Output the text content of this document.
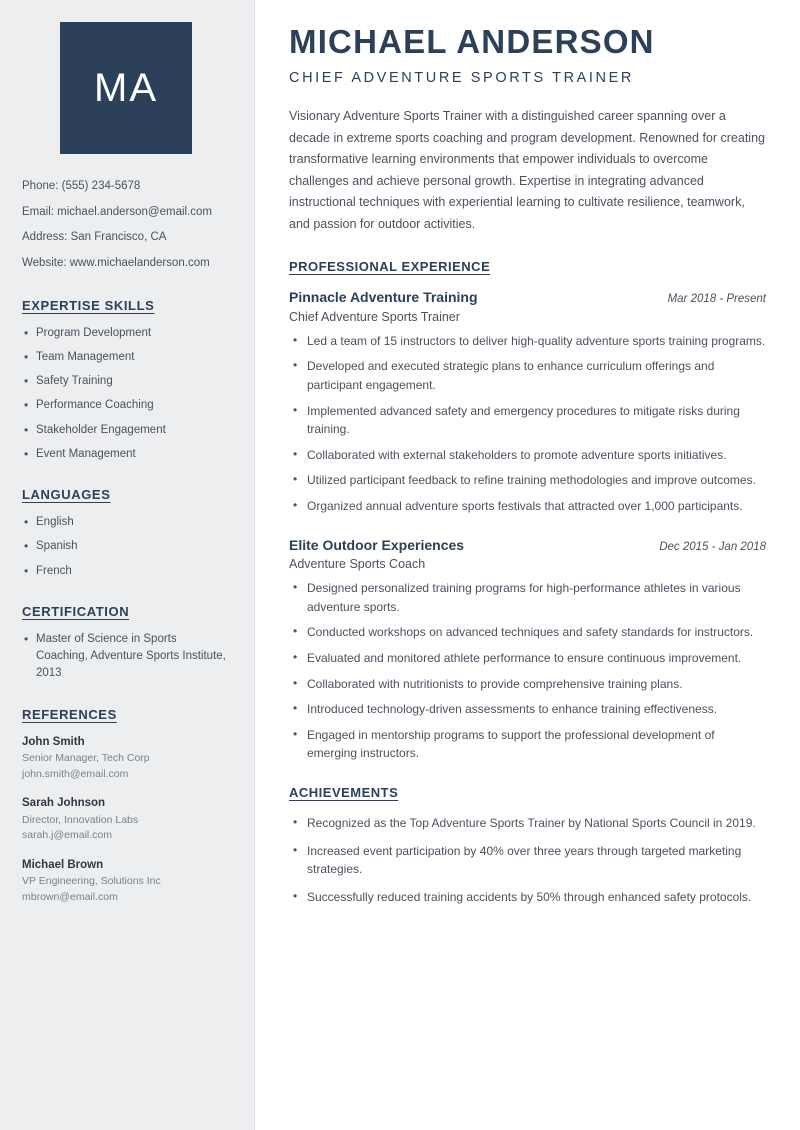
MA
Phone: (555) 234-5678
Email: michael.anderson@email.com
Address: San Francisco, CA
Website: www.michaelanderson.com
EXPERTISE SKILLS
• Program Development
• Team Management
• Safety Training
• Performance Coaching
• Stakeholder Engagement
• Event Management
LANGUAGES
• English
• Spanish
• French
CERTIFICATION
• Master of Science in Sports Coaching, Adventure Sports Institute, 2013
REFERENCES
John Smith
Senior Manager, Tech Corp
john.smith@email.com
Sarah Johnson
Director, Innovation Labs
sarah.j@email.com
Michael Brown
VP Engineering, Solutions Inc
mbrown@email.com
MICHAEL ANDERSON
CHIEF ADVENTURE SPORTS TRAINER

Visionary Adventure Sports Trainer with a distinguished career spanning over a decade in extreme sports coaching and program development. Renowned for creating transformative learning environments that empower individuals to overcome challenges and achieve personal growth. Expertise in integrating advanced instructional techniques with experiential learning to cultivate resilience, teamwork, and passion for outdoor activities.

PROFESSIONAL EXPERIENCE
Pinnacle Adventure Training	Mar 2018 - Present
Chief Adventure Sports Trainer
• Led a team of 15 instructors to deliver high-quality adventure sports training programs.
• Developed and executed strategic plans to enhance curriculum offerings and participant engagement.
• Implemented advanced safety and emergency procedures to mitigate risks during training.
• Collaborated with external stakeholders to promote adventure sports initiatives.
• Utilized participant feedback to refine training methodologies and improve outcomes.
• Organized annual adventure sports festivals that attracted over 1,000 participants.
Elite Outdoor Experiences	Dec 2015 - Jan 2018
Adventure Sports Coach
• Designed personalized training programs for high-performance athletes in various adventure sports.
• Conducted workshops on advanced techniques and safety standards for instructors.
• Evaluated and monitored athlete performance to ensure continuous improvement.
• Collaborated with nutritionists to provide comprehensive training plans.
• Introduced technology-driven assessments to enhance training effectiveness.
• Engaged in mentorship programs to support the professional development of emerging instructors.
ACHIEVEMENTS
• Recognized as the Top Adventure Sports Trainer by National Sports Council in 2019.
• Increased event participation by 40% over three years through targeted marketing strategies.
• Successfully reduced training accidents by 50% through enhanced safety protocols.
